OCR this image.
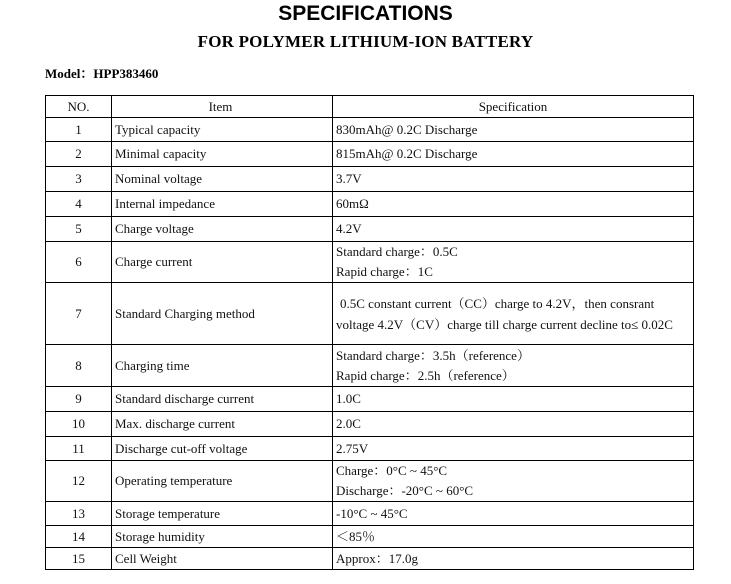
SPECIFICATIONS
FOR POLYMER LITHIUM-ION BATTERY
Model：HPP383460
NO.	Item	Specification
1	Typical capacity	830mAh@ 0.2C Discharge

2	Minimal capacity	815mAh@ 0.2C Discharge

3	Nominal voltage	3.7V

4	Internal impedance	60mΩ

5	Charge voltage	4.2V

6	Charge current	Standard charge：0.5C
Rapid charge：1C

7	Standard Charging method	0.5C constant current（CC）charge to 4.2V，then consrant voltage 4.2V（CV）charge till charge current decline to≤ 0.02C

8	Charging time	Standard charge：3.5h（reference）
Rapid charge：2.5h（reference）

9	Standard discharge current	1.0C

10	Max. discharge current	2.0C

11	Discharge cut-off voltage	2.75V

12	Operating temperature	Charge：0°C ~ 45°C
Discharge：-20°C ~ 60°C

13	Storage temperature	-10°C ~ 45°C

14	Storage humidity	＜85％

15	Cell Weight	Approx：17.0g
